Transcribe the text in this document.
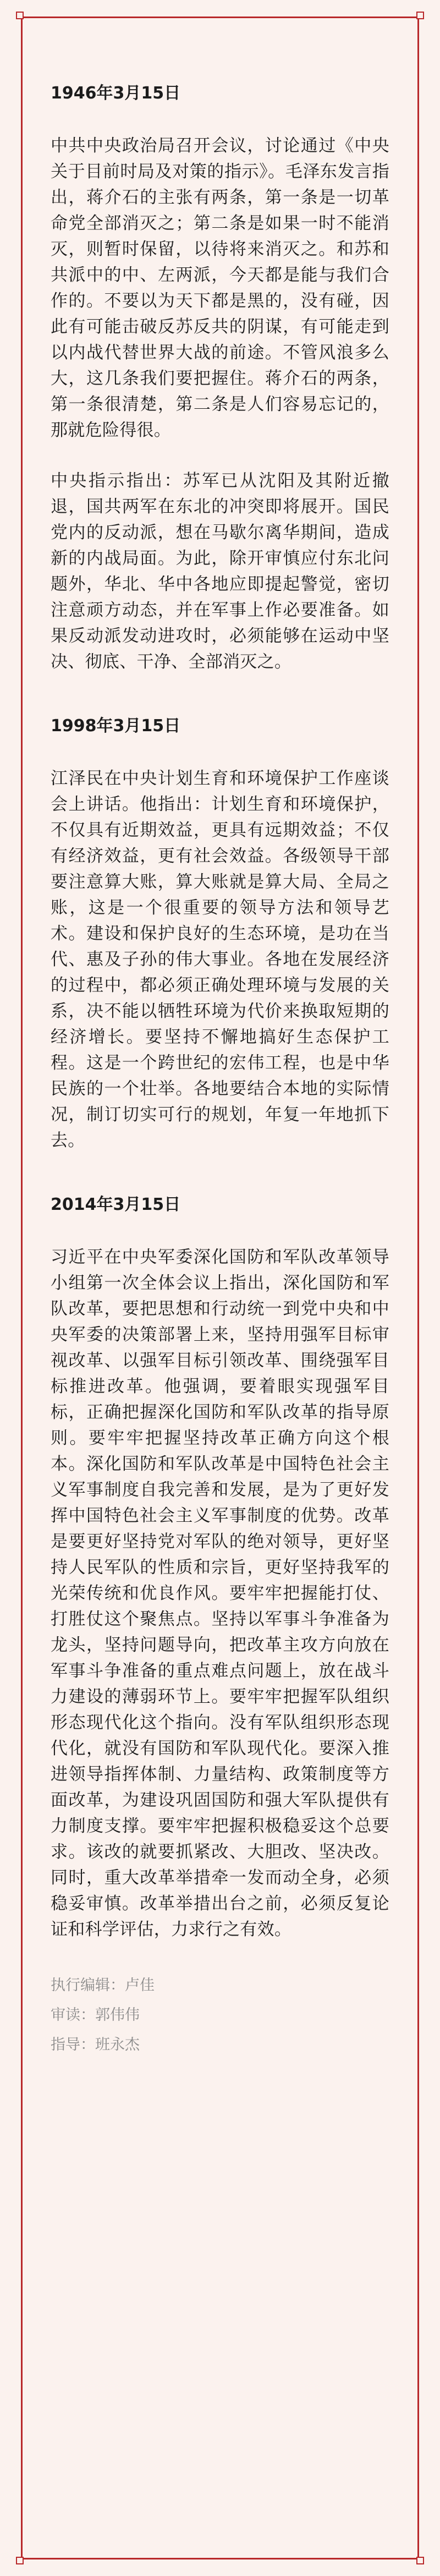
1946年3月15日

中共中央政治局召开会议，讨论通过《中央关于目前时局及对策的指示》。毛泽东发言指出，蒋介石的主张有两条，第一条是一切革命党全部消灭之；第二条是如果一时不能消灭，则暂时保留，以待将来消灭之。和苏和共派中的中、左两派，今天都是能与我们合作的。不要以为天下都是黑的，没有碰，因此有可能击破反苏反共的阴谋，有可能走到以内战代替世界大战的前途。不管风浪多么大，这几条我们要把握住。蒋介石的两条，第一条很清楚，第二条是人们容易忘记的，那就危险得很。

中央指示指出：苏军已从沈阳及其附近撤退，国共两军在东北的冲突即将展开。国民党内的反动派，想在马歇尔离华期间，造成新的内战局面。为此，除开审慎应付东北问题外，华北、华中各地应即提起警觉，密切注意顽方动态，并在军事上作必要准备。如果反动派发动进攻时，必须能够在运动中坚决、彻底、干净、全部消灭之。

1998年3月15日

江泽民在中央计划生育和环境保护工作座谈会上讲话。他指出：计划生育和环境保护，不仅具有近期效益，更具有远期效益；不仅有经济效益，更有社会效益。各级领导干部要注意算大账，算大账就是算大局、全局之账，这是一个很重要的领导方法和领导艺术。建设和保护良好的生态环境，是功在当代、惠及子孙的伟大事业。各地在发展经济的过程中，都必须正确处理环境与发展的关系，决不能以牺牲环境为代价来换取短期的经济增长。要坚持不懈地搞好生态保护工程。这是一个跨世纪的宏伟工程，也是中华民族的一个壮举。各地要结合本地的实际情况，制订切实可行的规划，年复一年地抓下去。

2014年3月15日

习近平在中央军委深化国防和军队改革领导小组第一次全体会议上指出，深化国防和军队改革，要把思想和行动统一到党中央和中央军委的决策部署上来，坚持用强军目标审视改革、以强军目标引领改革、围绕强军目标推进改革。他强调，要着眼实现强军目标，正确把握深化国防和军队改革的指导原则。要牢牢把握坚持改革正确方向这个根本。深化国防和军队改革是中国特色社会主义军事制度自我完善和发展，是为了更好发挥中国特色社会主义军事制度的优势。改革是要更好坚持党对军队的绝对领导，更好坚持人民军队的性质和宗旨，更好坚持我军的光荣传统和优良作风。要牢牢把握能打仗、打胜仗这个聚焦点。坚持以军事斗争准备为龙头，坚持问题导向，把改革主攻方向放在军事斗争准备的重点难点问题上，放在战斗力建设的薄弱环节上。要牢牢把握军队组织形态现代化这个指向。没有军队组织形态现代化，就没有国防和军队现代化。要深入推进领导指挥体制、力量结构、政策制度等方面改革，为建设巩固国防和强大军队提供有力制度支撑。要牢牢把握积极稳妥这个总要求。该改的就要抓紧改、大胆改、坚决改。同时，重大改革举措牵一发而动全身，必须稳妥审慎。改革举措出台之前，必须反复论证和科学评估，力求行之有效。

执行编辑：卢佳

审读：郭伟伟

指导：班永杰
